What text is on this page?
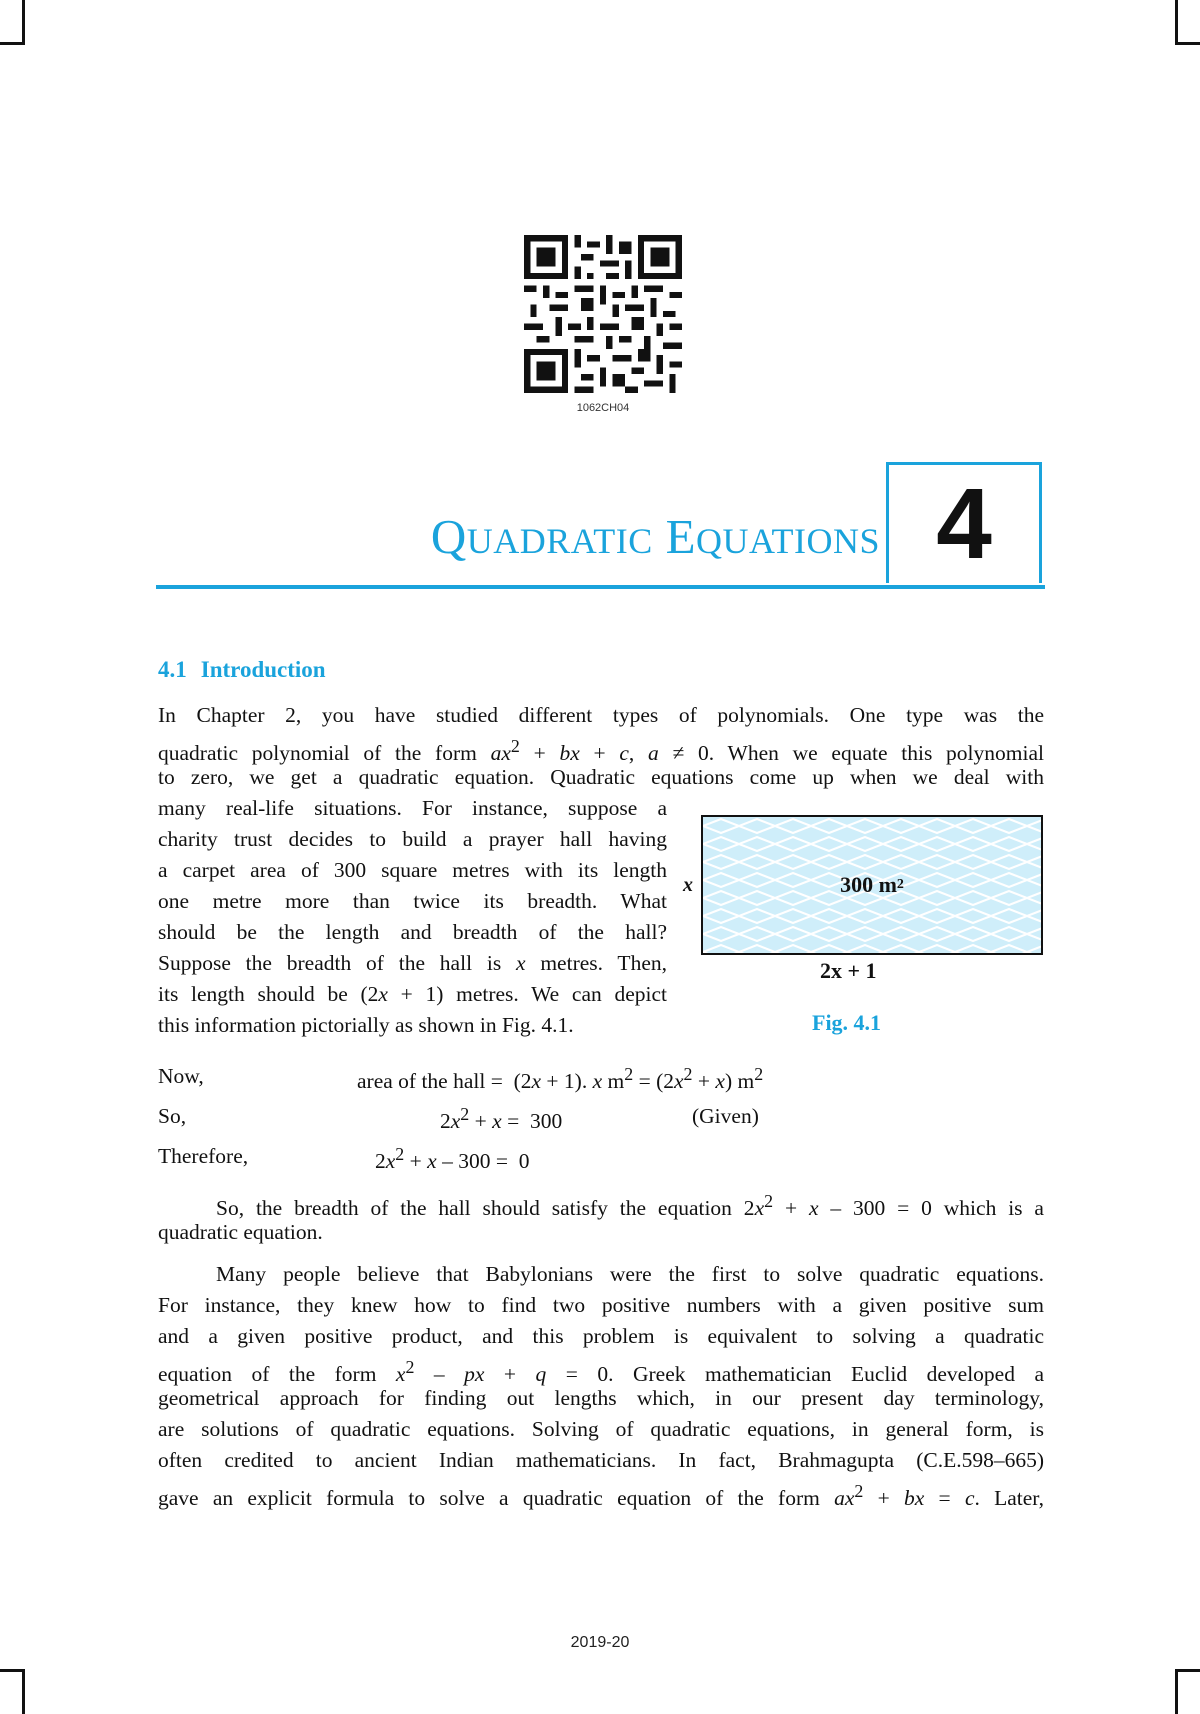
1062CH04
QUADRATIC EQUATIONS 4
4.1 Introduction
In Chapter 2, you have studied different types of polynomials. One type was the
quadratic polynomial of the form $ax^2$ + bx + c, a ≠ 0. When we equate this polynomial
to zero, we get a quadratic equation. Quadratic equations come up when we deal with
many real-life situations. For instance, suppose a
charity trust decides to build a prayer hall having
a carpet area of 300 square metres with its length
one metre more than twice its breadth. What
should be the length and breadth of the hall?
Suppose the breadth of the hall is x metres. Then,
its length should be (2x + 1) metres. We can depict
this information pictorially as shown in Fig. 4.1.
300 m 2
x
2x + 1
Fig. 4.1
Now,	area of the hall =  (2x + 1). x $m^2 = (2x^2 + x)$ $m^2$
So,	$2x^2 + x = 300$	(Given)
Therefore,	$2x^2 + x - 300 = 0$
So, the breadth of the hall should satisfy the equation $2x^2 + x - 300 = 0$ which is a
quadratic equation.
Many people believe that Babylonians were the first to solve quadratic equations.
For instance, they knew how to find two positive numbers with a given positive sum
and a given positive product, and this problem is equivalent to solving a quadratic
equation of the form $x^2$ – px + q = 0. Greek mathematician Euclid developed a
geometrical approach for finding out lengths which, in our present day terminology,
are solutions of quadratic equations. Solving of quadratic equations, in general form, is
often credited to ancient Indian mathematicians. In fact, Brahmagupta (C.E.598–665)
gave an explicit formula to solve a quadratic equation of the form $ax^2$ + bx = c. Later,
2019-20
